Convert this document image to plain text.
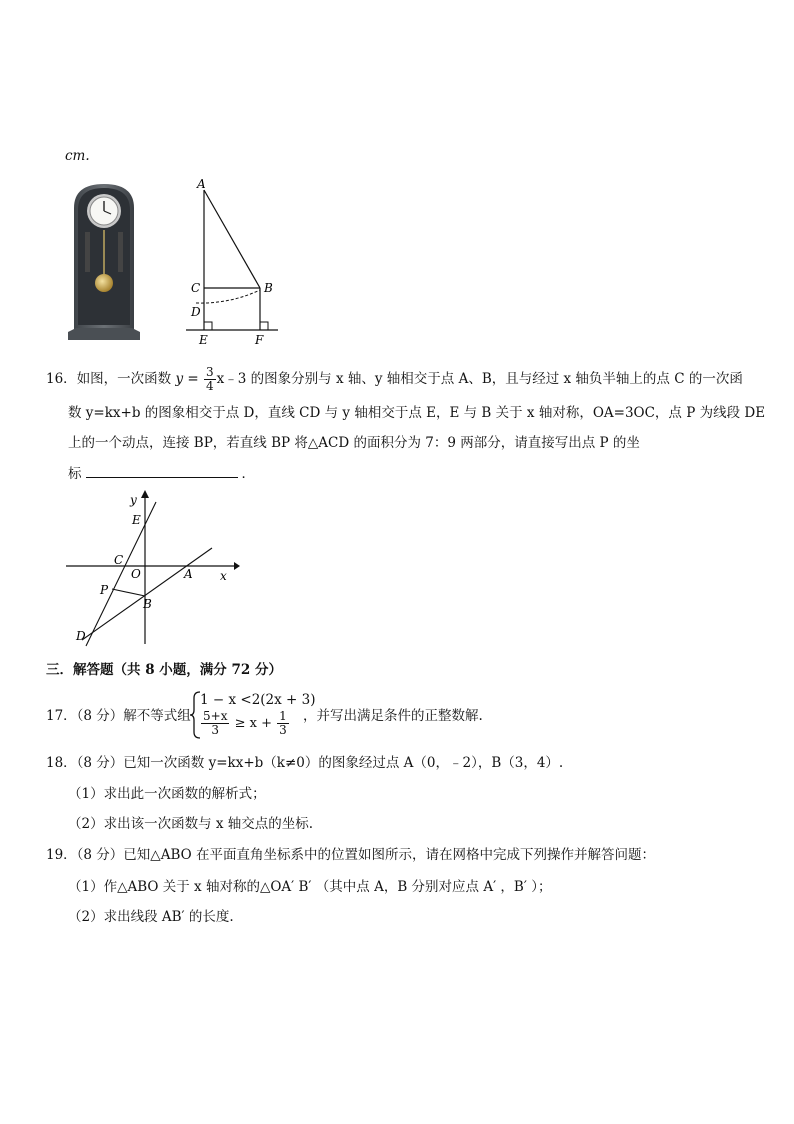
cm.
A
B
C
D
E	F
16．如图，一次函数 $y = \frac{3}{4}$ x﹣3 的图象分别与 x 轴、y 轴相交于点 A、B，且与经过 x 轴负半轴上的点 C 的一次函
数 y=kx+b 的图象相交于点 D，直线 CD 与 y 轴相交于点 E，E 与 B 关于 x 轴对称，OA=3OC，点 P 为线段 DE
上的一个动点，连接 BP，若直线 BP 将△ACD 的面积分为 7：9 两部分，请直接写出点 P 的坐
标	．
y
x
E
C
O	A
P
B
D
三．解答题（共 8 小题，满分 72 分）
17．（8 分）解不等式组
1 − x <2(2x + 3)
$\frac{5+x}{3} \ge x + \frac{1}{3}$ ，并写出满足条件的正整数解.
18．（8 分）已知一次函数 y=kx+b（k≠0）的图象经过点 A（0，﹣2），B（3，4）.
（1）求出此一次函数的解析式；
（2）求出该一次函数与 x 轴交点的坐标.
19．（8 分）已知△ABO 在平面直角坐标系中的位置如图所示，请在网格中完成下列操作并解答问题：
（1）作△ABO 关于 x 轴对称的△OA′ B′ （其中点 A，B 分别对应点 A′ ，B′ ）；
（2）求出线段 AB′ 的长度.
